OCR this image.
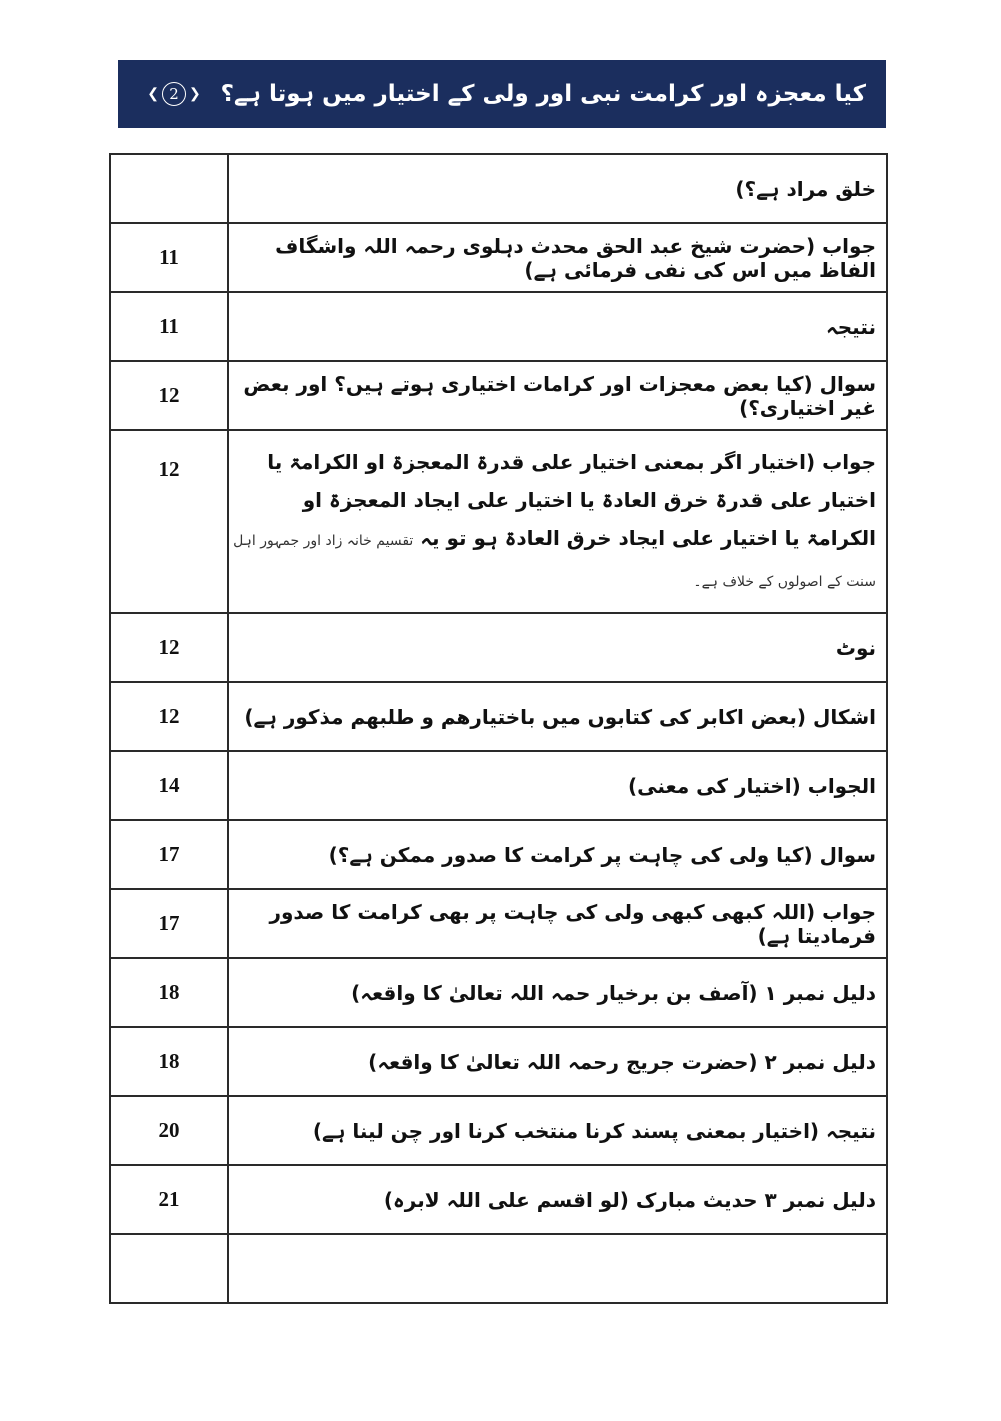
❮ 2 ❯ کیا معجزہ اور کرامت نبی اور ولی کے اختیار میں ہوتا ہے؟
	خلق مراد ہے؟)
11	جواب (حضرت شیخ عبد الحق محدث دہلوی رحمہ اللہ واشگاف الفاظ میں اس کی نفی فرمائی ہے)
11	نتیجہ
12	سوال (کیا بعض معجزات اور کرامات اختیاری ہوتے ہیں؟ اور بعض غیر اختیاری؟)
12	جواب (اختیار اگر بمعنی اختیار علی قدرۃ المعجزۃ او الکرامۃ یا اختیار علی قدرۃ خرق العادۃ یا اختیار علی ایجاد المعجزۃ او الکرامۃ یا اختیار علی ایجاد خرق العادۃ ہو تو یہ تقسیم خانہ زاد اور جمہور اہل سنت کے اصولوں کے خلاف ہے۔

12	نوٹ
12	اشکال (بعض اکابر کی کتابوں میں باختیارھم و طلبھم مذکور ہے)
14	الجواب (اختیار کی معنی)
17	سوال (کیا ولی کی چاہت پر کرامت کا صدور ممکن ہے؟)
17	جواب (اللہ کبھی کبھی ولی کی چاہت پر بھی کرامت کا صدور فرمادیتا ہے)
18	دلیل نمبر ۱ (آصف بن برخیار حمہ اللہ تعالیٰ کا واقعہ)
18	دلیل نمبر ۲ (حضرت جریج رحمہ اللہ تعالیٰ کا واقعہ)
20	نتیجہ (اختیار بمعنی پسند کرنا منتخب کرنا اور چن لینا ہے)
21	دلیل نمبر ۳ حدیث مبارک (لو اقسم علی اللہ لابرہ)
